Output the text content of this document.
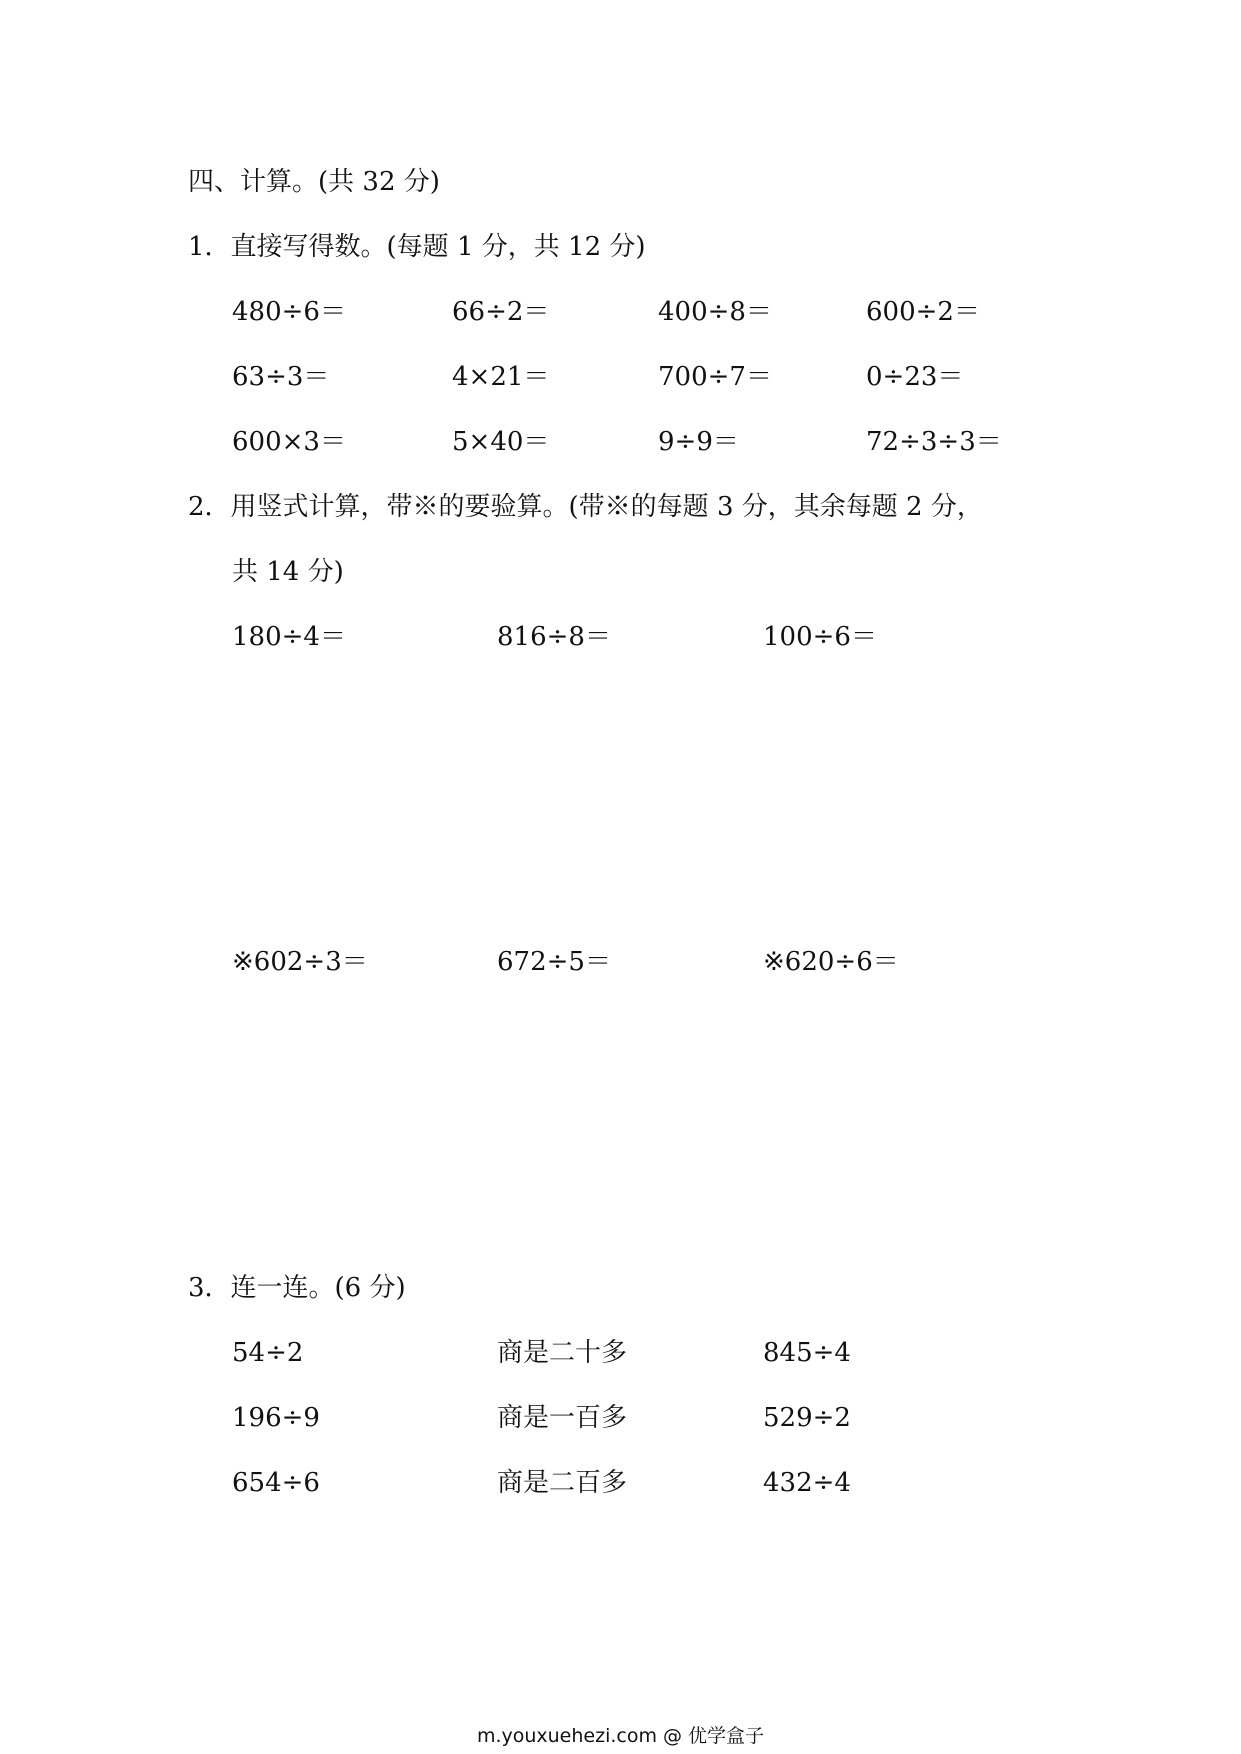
四、计算。(共 32 分)
1．直接写得数。(每题 1 分，共 12 分)
480÷6＝	66÷2＝	400÷8＝	600÷2＝
63÷3＝	4×21＝	700÷7＝	0÷23＝
600×3＝	5×40＝	9÷9＝	72÷3÷3＝
2．用竖式计算，带※的要验算。(带※的每题 3 分，其余每题 2 分，
共 14 分)
180÷4＝	816÷8＝	100÷6＝
※602÷3＝	672÷5＝	※620÷6＝
3．连一连。(6 分)
54÷2	商是二十多	845÷4
196÷9	商是一百多	529÷2
654÷6	商是二百多	432÷4
m.youxuehezi.com @ 优学盒子
